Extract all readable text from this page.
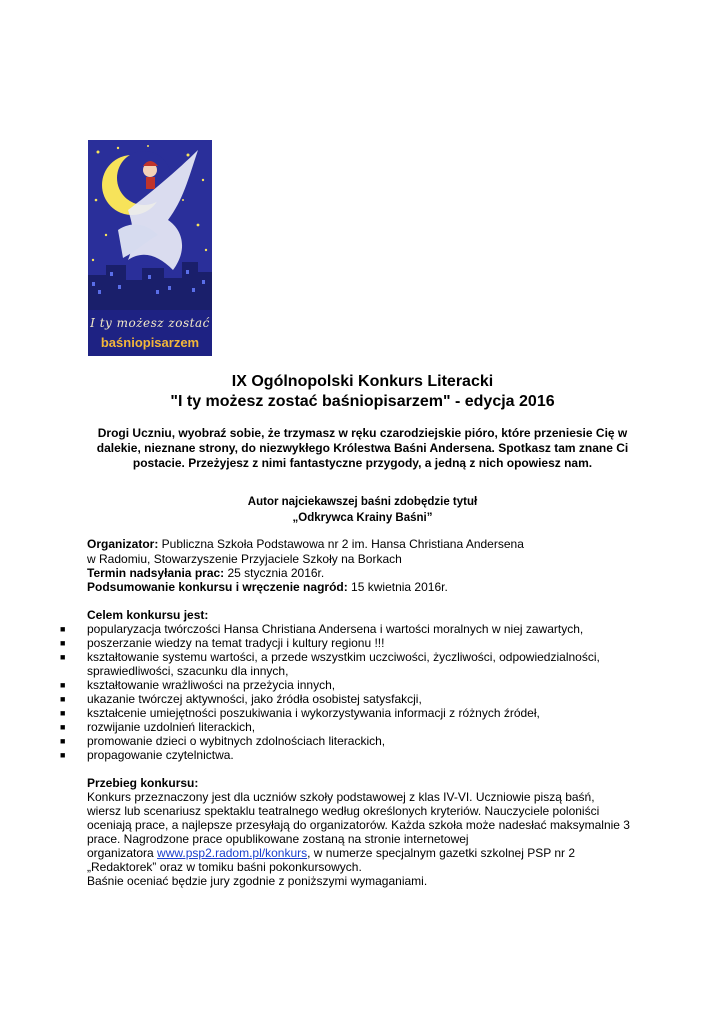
I ty możesz zostać
baśniopisarzem
IX Ogólnopolski Konkurs Literacki
"I ty możesz zostać baśniopisarzem" - edycja 2016
Drogi Uczniu, wyobraź sobie, że trzymasz w ręku czarodziejskie pióro, które przeniesie Cię w dalekie, nieznane strony, do niezwykłego Królestwa Baśni Andersena. Spotkasz tam znane Ci postacie. Przeżyjesz z nimi fantastyczne przygody, a jedną z nich opowiesz nam.
Autor najciekawszej baśni zdobędzie tytuł
„Odkrywca Krainy Baśni”
Organizator: Publiczna Szkoła Podstawowa nr 2 im. Hansa Christiana Andersena
w Radomiu, Stowarzyszenie Przyjaciele Szkoły na Borkach
Termin nadsyłania prac: 25 stycznia 2016r.
Podsumowanie konkursu i wręczenie nagród: 15 kwietnia 2016r.
Celem konkursu jest:
■ popularyzacja twórczości Hansa Christiana Andersena i wartości moralnych w niej zawartych,
■ poszerzanie wiedzy na temat tradycji i kultury regionu !!!
■ kształtowanie systemu wartości, a przede wszystkim uczciwości, życzliwości, odpowiedzialności,
sprawiedliwości, szacunku dla innych,
■ kształtowanie wrażliwości na przeżycia innych,
■ ukazanie twórczej aktywności, jako źródła osobistej satysfakcji,
■ kształcenie umiejętności poszukiwania i wykorzystywania informacji z różnych źródeł,
■ rozwijanie uzdolnień literackich,
■ promowanie dzieci o wybitnych zdolnościach literackich,
■ propagowanie czytelnictwa.
Przebieg konkursu:
Konkurs przeznaczony jest dla uczniów szkoły podstawowej z klas IV-VI. Uczniowie piszą baśń,
wiersz lub scenariusz spektaklu teatralnego według określonych kryteriów. Nauczyciele poloniści
oceniają prace, a najlepsze przesyłają do organizatorów. Każda szkoła może nadesłać maksymalnie 3
prace. Nagrodzone prace opublikowane zostaną na stronie internetowej
organizatora www.psp2.radom.pl/konkurs, w numerze specjalnym gazetki szkolnej PSP nr 2
„Redaktorek” oraz w tomiku baśni pokonkursowych.
Baśnie oceniać będzie jury zgodnie z poniższymi wymaganiami.
